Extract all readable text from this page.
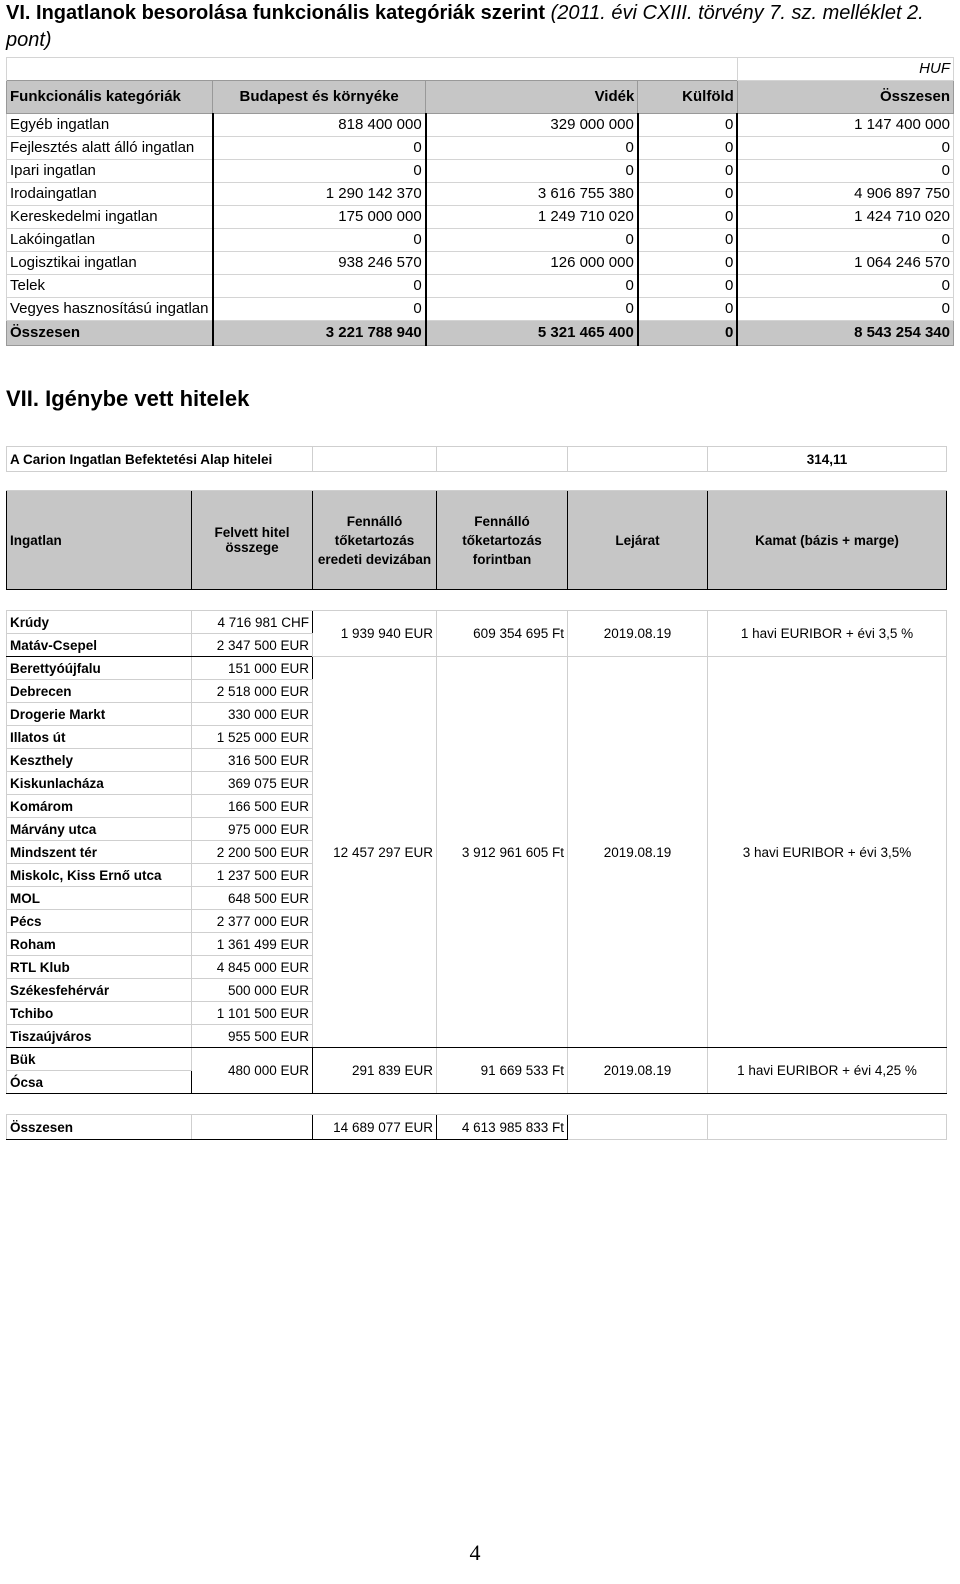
VI. Ingatlanok besorolása funkcionális kategóriák szerint (2011. évi CXIII. törvény 7. sz. melléklet 2. pont)
				HUF
Funkcionális kategóriák	Budapest és környéke	Vidék	Külföld	Összesen
Egyéb ingatlan	818 400 000	329 000 000	0	1 147 400 000
Fejlesztés alatt álló ingatlan	0	0	0	0
Ipari ingatlan	0	0	0	0
Irodaingatlan	1 290 142 370	3 616 755 380	0	4 906 897 750
Kereskedelmi ingatlan	175 000 000	1 249 710 020	0	1 424 710 020
Lakóingatlan	0	0	0	0
Logisztikai ingatlan	938 246 570	126 000 000	0	1 064 246 570
Telek	0	0	0	0
Vegyes hasznosítású ingatlan	0	0	0	0
Összesen	3 221 788 940	5 321 465 400	0	8 543 254 340
VII. Igénybe vett hitelek
A Carion Ingatlan Befektetési Alap hitelei					314,11

Ingatlan	Felvett hitel összege	Fennálló tőketartozás eredeti devizában	Fennálló tőketartozás forintban	Lejárat	Kamat (bázis + marge)

Krúdy	4 716 981 CHF	1 939 940 EUR	609 354 695 Ft	2019.08.19	1 havi EURIBOR + évi 3,5 %
Matáv-Csepel	2 347 500 EUR				
Berettyóújfalu	151 000 EUR	12 457 297 EUR	3 912 961 605 Ft	2019.08.19	3 havi EURIBOR + évi 3,5%
Debrecen	2 518 000 EUR				
Drogerie Markt	330 000 EUR				
Illatos út	1 525 000 EUR				
Keszthely	316 500 EUR				
Kiskunlacháza	369 075 EUR				
Komárom	166 500 EUR				
Márvány utca	975 000 EUR				
Mindszent tér	2 200 500 EUR				
Miskolc, Kiss Ernő utca	1 237 500 EUR				
MOL	648 500 EUR				
Pécs	2 377 000 EUR				
Roham	1 361 499 EUR				
RTL Klub	4 845 000 EUR				
Székesfehérvár	500 000 EUR				
Tchibo	1 101 500 EUR				
Tiszaújváros	955 500 EUR				
Bük	480 000 EUR	291 839 EUR	91 669 533 Ft	2019.08.19	1 havi EURIBOR + évi 4,25 %
Ócsa					

Összesen		14 689 077 EUR	4 613 985 833 Ft		
4
